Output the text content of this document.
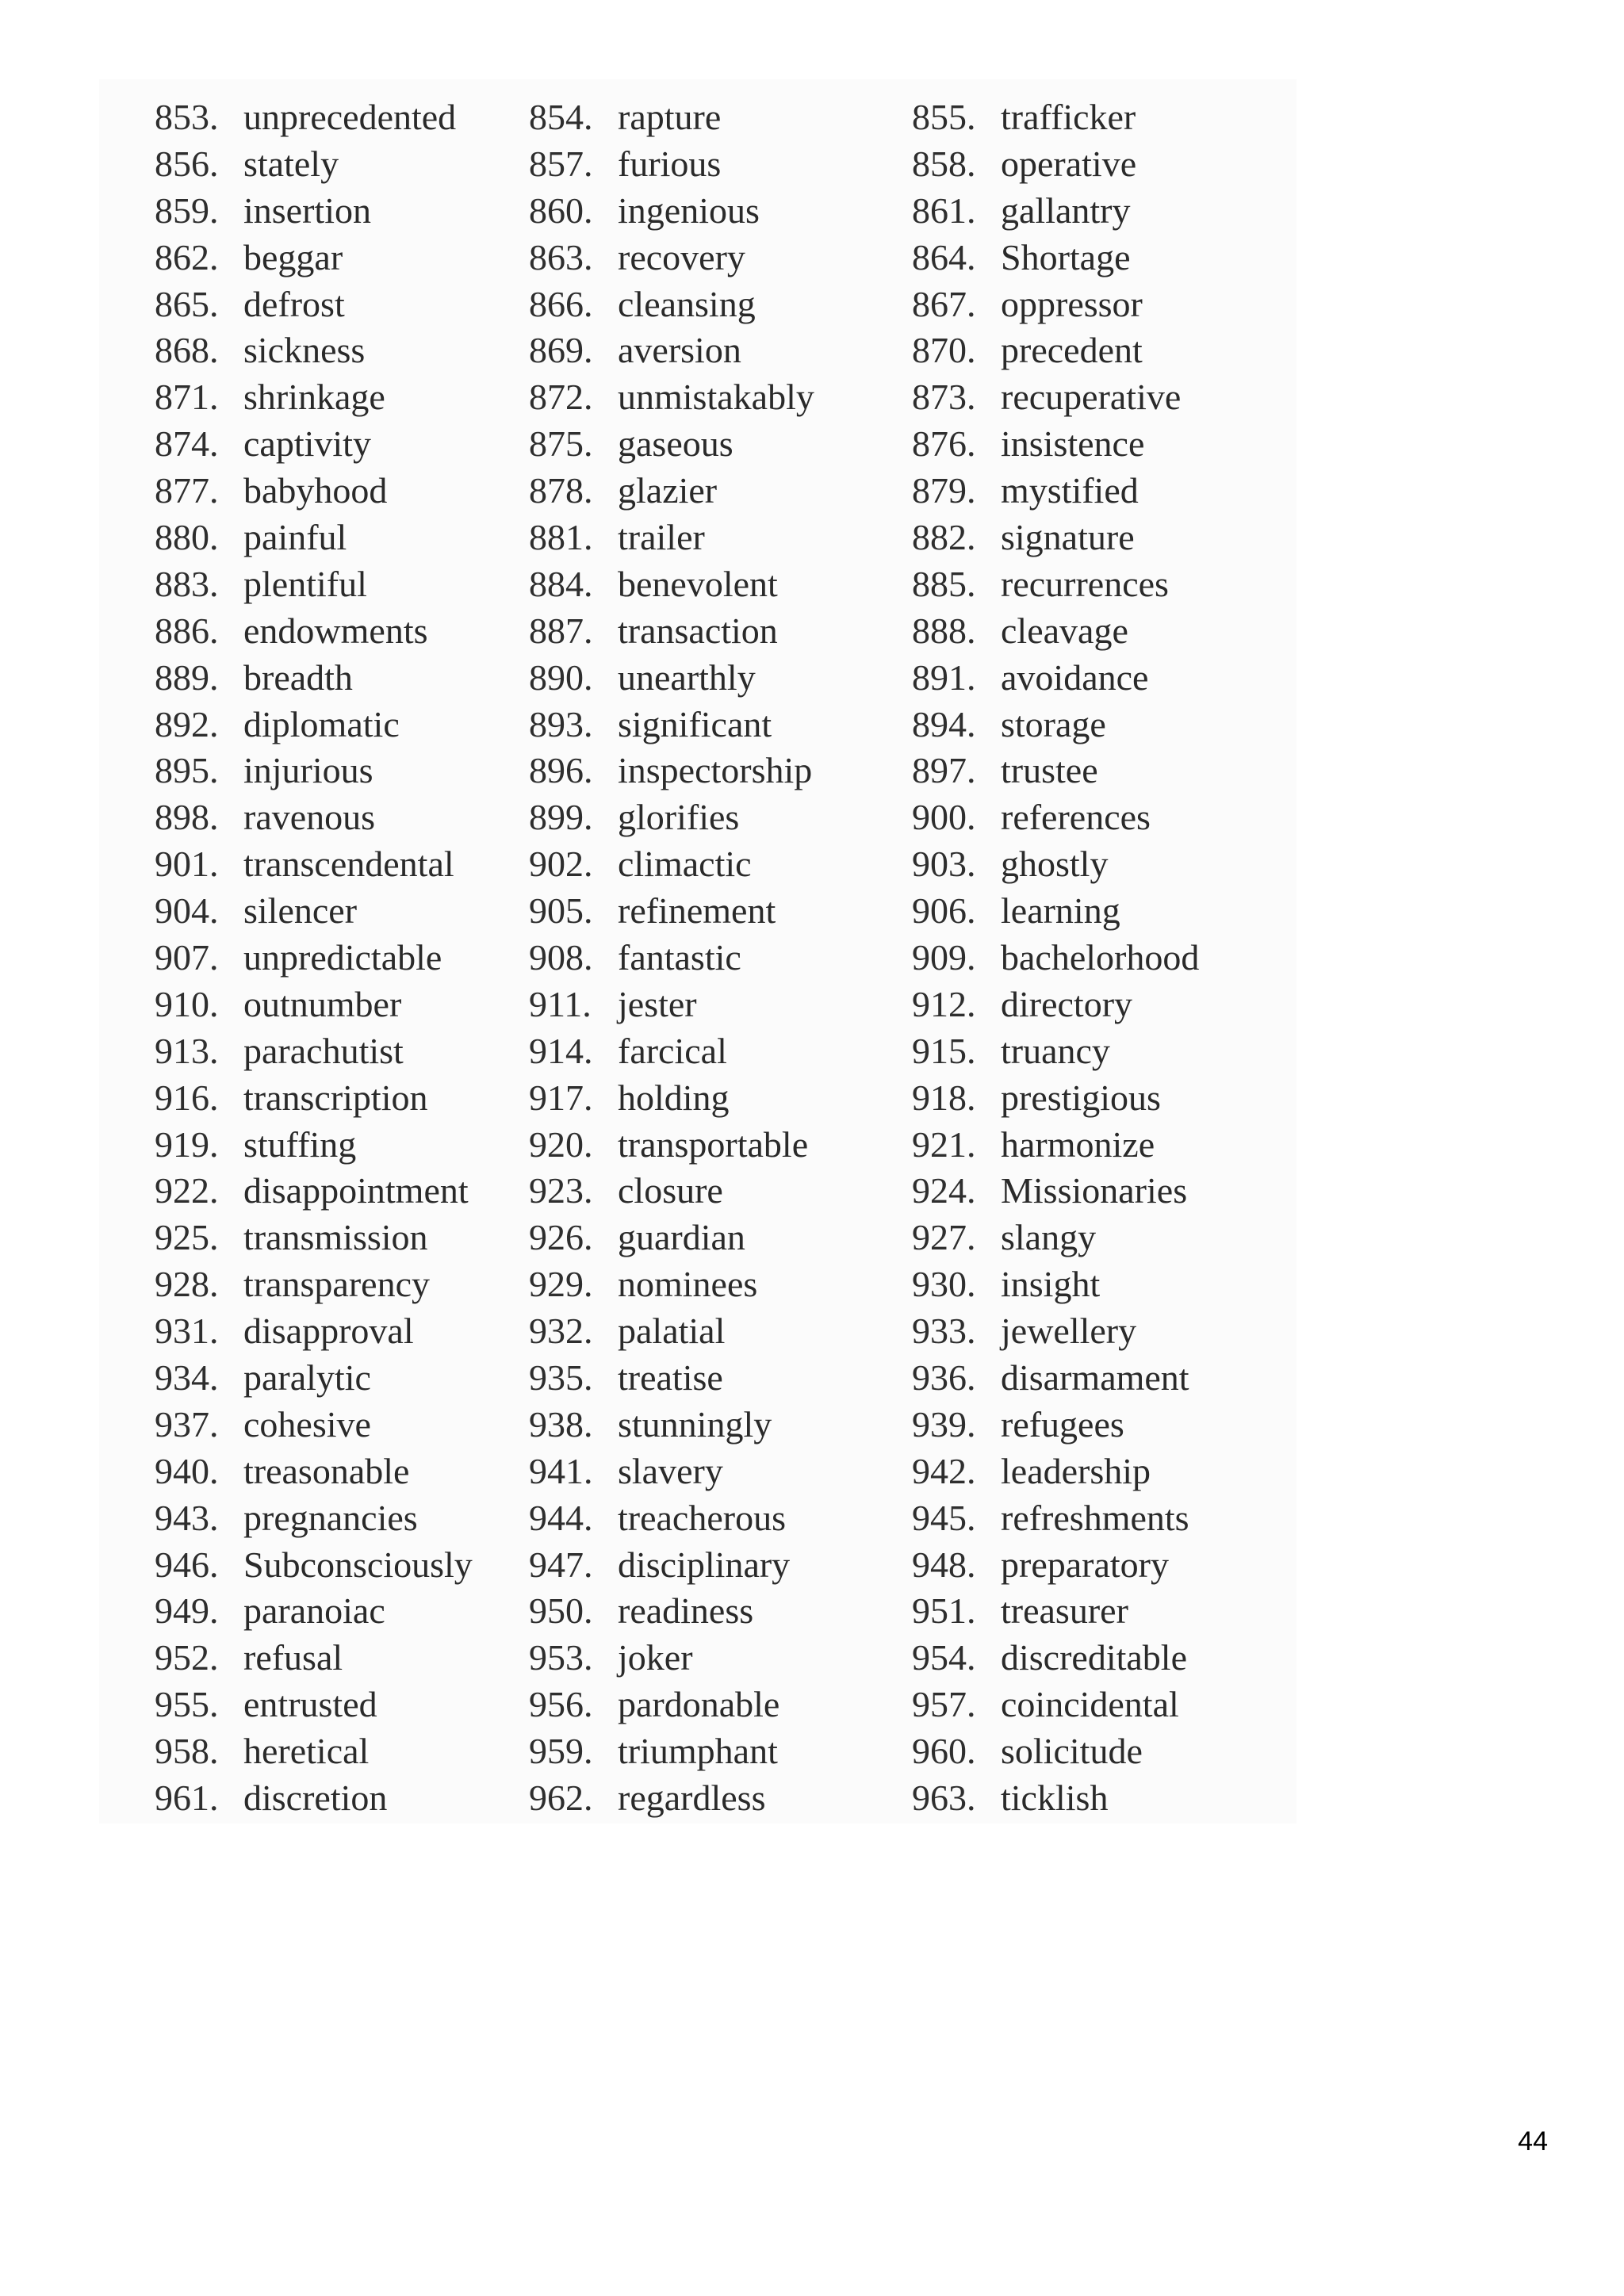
853. unprecedented 854. rapture	855. trafficker
856. stately	857. furious	858. operative
859. insertion	860. ingenious	861. gallantry
862. beggar	863. recovery	864. Shortage
865. defrost	866. cleansing	867. oppressor
868. sickness	869. aversion	870. precedent
871. shrinkage	872. unmistakably	873. recuperative
874. captivity	875. gaseous	876. insistence
877. babyhood	878. glazier	879. mystified
880. painful	881. trailer	882. signature
883. plentiful	884. benevolent	885. recurrences
886. endowments	887. transaction	888. cleavage
889. breadth	890. unearthly	891. avoidance
892. diplomatic	893. significant	894. storage
895. injurious	896. inspectorship	897. trustee
898. ravenous	899. glorifies	900. references
901. transcendental 902. climactic	903. ghostly
904. silencer	905. refinement	906. learning
907. unpredictable 908. fantastic	909. bachelorhood
910. outnumber	911. jester	912. directory
913. parachutist	914. farcical	915. truancy
916. transcription	917. holding	918. prestigious
919. stuffing	920. transportable	921. harmonize
922. disappointment 923. closure	924. Missionaries
925. transmission	926. guardian	927. slangy
928. transparency	929. nominees	930. insight
931. disapproval	932. palatial	933. jewellery
934. paralytic	935. treatise	936. disarmament
937. cohesive	938. stunningly	939. refugees
940. treasonable	941. slavery	942. leadership
943. pregnancies	944. treacherous	945. refreshments
946. Subconsciously 947. disciplinary	948. preparatory
949. paranoiac	950. readiness	951. treasurer
952. refusal	953. joker	954. discreditable
955. entrusted	956. pardonable	957. coincidental
958. heretical	959. triumphant	960. solicitude
961. discretion	962. regardless	963. ticklish
44
